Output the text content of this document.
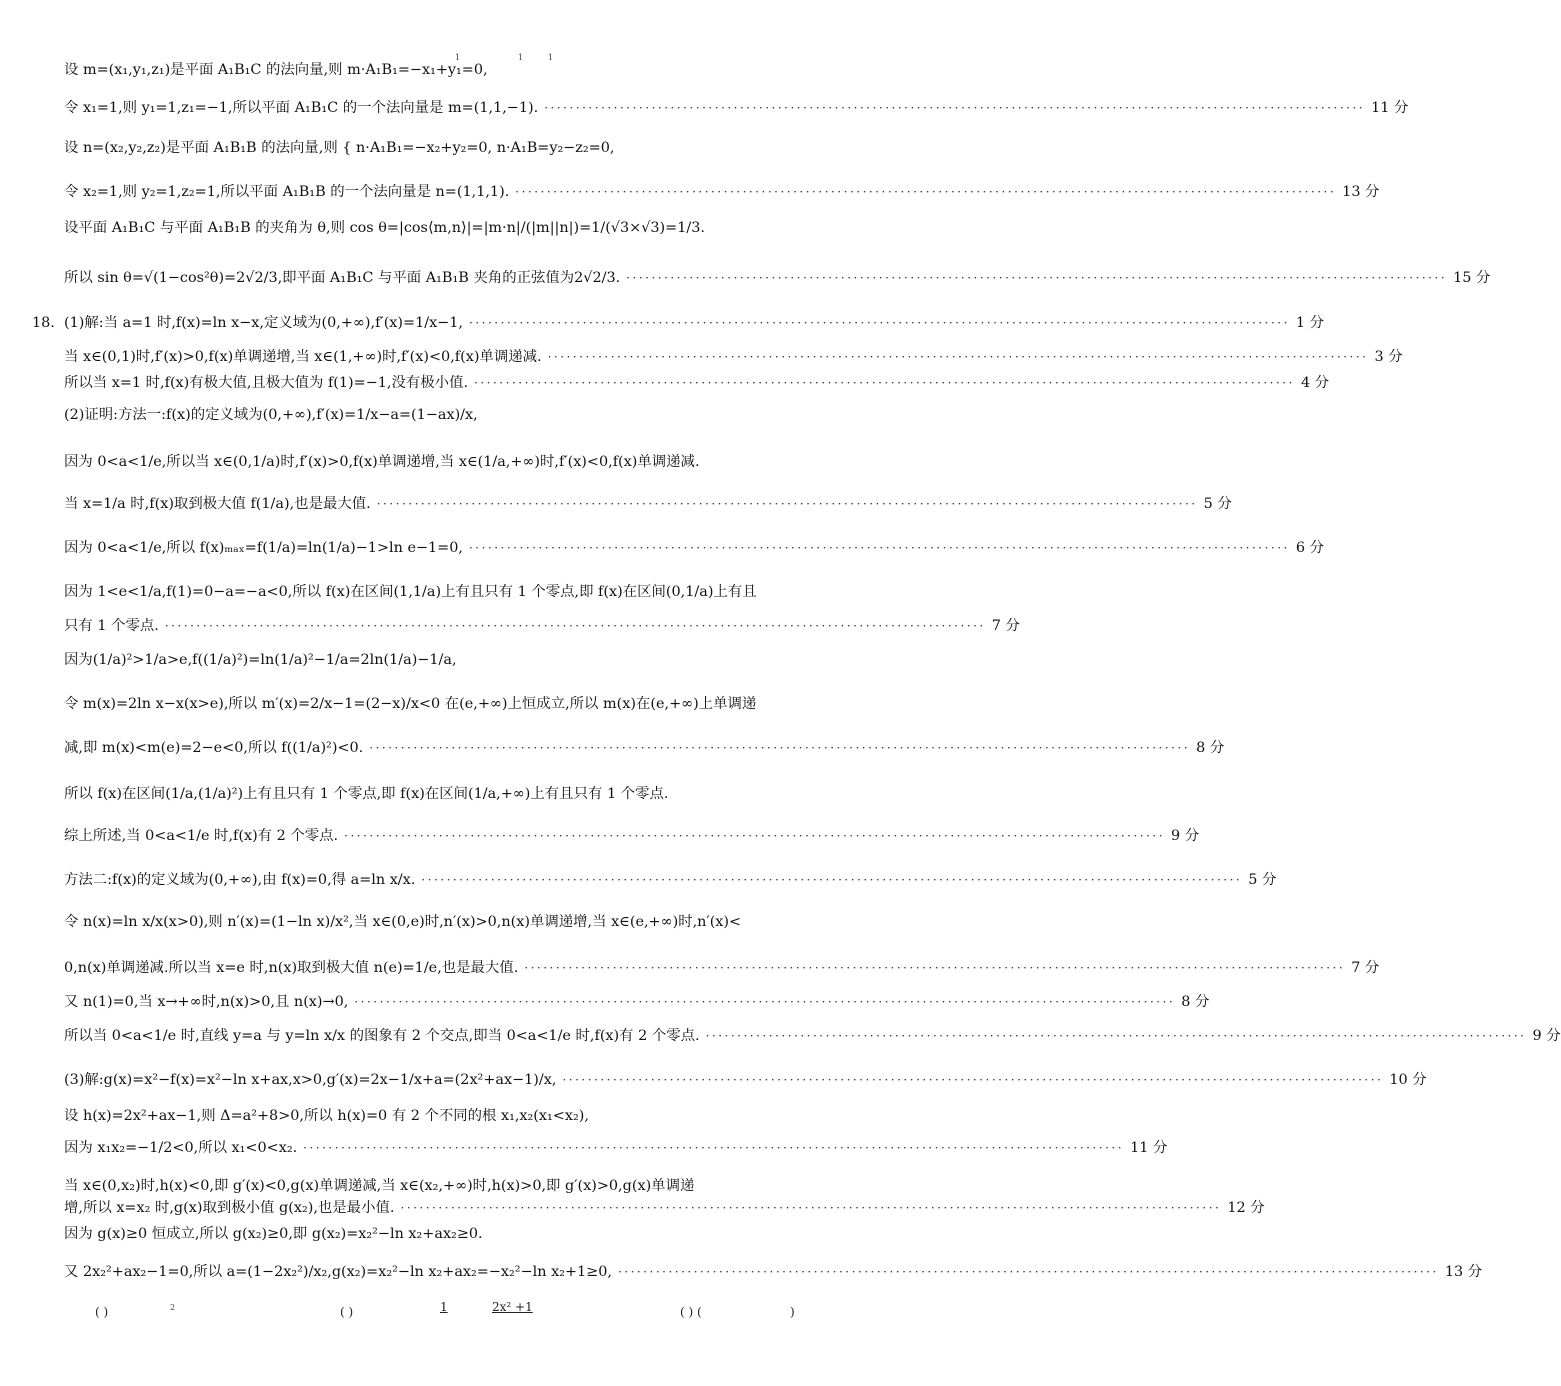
设 m=(x₁,y₁,z₁)是平面 A₁B₁C 的法向量,则 m·A₁B₁=−x₁+y₁=0,
令 x₁=1,则 y₁=1,z₁=−1,所以平面 A₁B₁C 的一个法向量是 m=(1,1,−1). ·····	11 分
设 n=(x₂,y₂,z₂)是平面 A₁B₁B 的法向量,则 { n·A₁B₁=−x₂+y₂=0, n·A₁B=y₂−z₂=0,
令 x₂=1,则 y₂=1,z₂=1,所以平面 A₁B₁B 的一个法向量是 n=(1,1,1). ·····	13 分
设平面 A₁B₁C 与平面 A₁B₁B 的夹角为 θ,则 cos θ=|cos⟨m,n⟩|=|m·n|/(|m||n|)=1/(√3×√3)=1/3.
所以 sin θ=√(1−cos²θ)=2√2/3,即平面 A₁B₁C 与平面 A₁B₁B 夹角的正弦值为2√2/3. ·····	15 分
18. (1)解:当 a=1 时,f(x)=ln x−x,定义域为(0,+∞),f′(x)=1/x−1, ·····	1 分
当 x∈(0,1)时,f′(x)>0,f(x)单调递增,当 x∈(1,+∞)时,f′(x)<0,f(x)单调递减. ·····	3 分
所以当 x=1 时,f(x)有极大值,且极大值为 f(1)=−1,没有极小值. ·····	4 分
(2)证明:方法一:f(x)的定义域为(0,+∞),f′(x)=1/x−a=(1−ax)/x,
因为 0<a<1/e,所以当 x∈(0,1/a)时,f′(x)>0,f(x)单调递增,当 x∈(1/a,+∞)时,f′(x)<0,f(x)单调递减.
当 x=1/a 时,f(x)取到极大值 f(1/a),也是最大值. ·····	5 分
因为 0<a<1/e,所以 f(x)ₘₐₓ=f(1/a)=ln(1/a)−1>ln e−1=0, ·····	6 分
因为 1<e<1/a,f(1)=0−a=−a<0,所以 f(x)在区间(1,1/a)上有且只有 1 个零点,即 f(x)在区间(0,1/a)上有且
只有 1 个零点. ·····	7 分
因为(1/a)²>1/a>e,f((1/a)²)=ln(1/a)²−1/a=2ln(1/a)−1/a,
令 m(x)=2ln x−x(x>e),所以 m′(x)=2/x−1=(2−x)/x<0 在(e,+∞)上恒成立,所以 m(x)在(e,+∞)上单调递
减,即 m(x)<m(e)=2−e<0,所以 f((1/a)²)<0. ·····	8 分
所以 f(x)在区间(1/a,(1/a)²)上有且只有 1 个零点,即 f(x)在区间(1/a,+∞)上有且只有 1 个零点.
综上所述,当 0<a<1/e 时,f(x)有 2 个零点. ·····	9 分
方法二:f(x)的定义域为(0,+∞),由 f(x)=0,得 a=ln x/x. ·····	5 分
令 n(x)=ln x/x(x>0),则 n′(x)=(1−ln x)/x²,当 x∈(0,e)时,n′(x)>0,n(x)单调递增,当 x∈(e,+∞)时,n′(x)<
0,n(x)单调递减.所以当 x=e 时,n(x)取到极大值 n(e)=1/e,也是最大值. ·····	7 分
又 n(1)=0,当 x→+∞时,n(x)>0,且 n(x)→0, ·····	8 分
所以当 0<a<1/e 时,直线 y=a 与 y=ln x/x 的图象有 2 个交点,即当 0<a<1/e 时,f(x)有 2 个零点. ·····	9 分
(3)解:g(x)=x²−f(x)=x²−ln x+ax,x>0,g′(x)=2x−1/x+a=(2x²+ax−1)/x, ·····	10 分
设 h(x)=2x²+ax−1,则 Δ=a²+8>0,所以 h(x)=0 有 2 个不同的根 x₁,x₂(x₁<x₂),
因为 x₁x₂=−1/2<0,所以 x₁<0<x₂. ·····	11 分
当 x∈(0,x₂)时,h(x)<0,即 g′(x)<0,g(x)单调递减,当 x∈(x₂,+∞)时,h(x)>0,即 g′(x)>0,g(x)单调递
增,所以 x=x₂ 时,g(x)取到极小值 g(x₂),也是最小值. ·····	12 分
因为 g(x)≥0 恒成立,所以 g(x₂)≥0,即 g(x₂)=x₂²−ln x₂+ax₂≥0.
又 2x₂²+ax₂−1=0,所以 a=(1−2x₂²)/x₂,g(x₂)=x₂²−ln x₂+ax₂=−x₂²−ln x₂+1≥0, ·····	13 分
1	1	1
( )	2	( )	1	2x² +1	( ) (	)
